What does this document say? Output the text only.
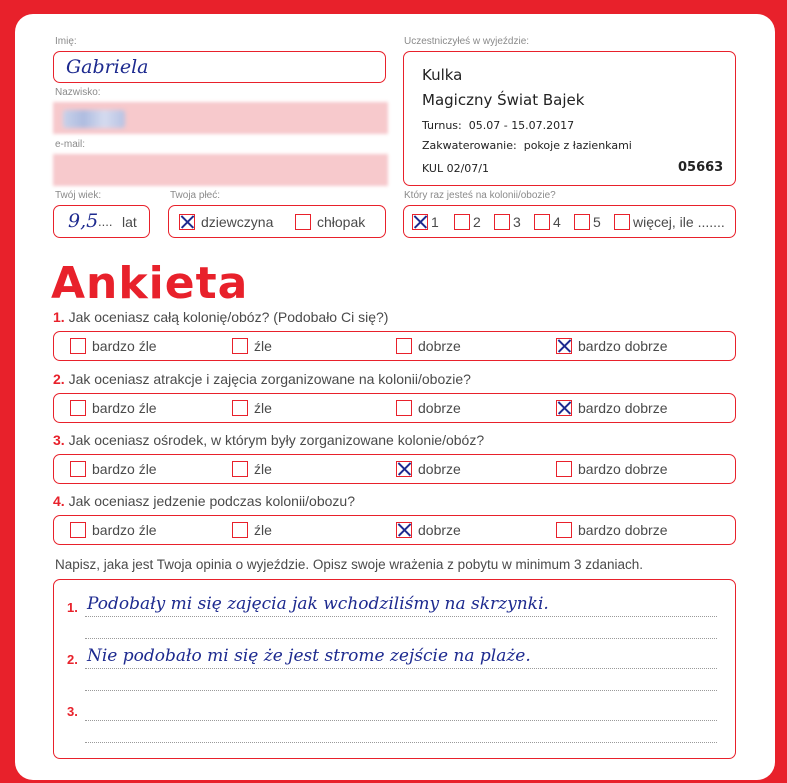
Imię:
Gabriela
Nazwisko:
e-mail:
Twój wiek:
9,5 .... lat
Twoja płeć:
dziewczyna	chłopak
Uczestniczyłeś w wyjeździe:
Kulka
Magiczny Świat Bajek
Turnus: 05.07 - 15.07.2017
Zakwaterowanie: pokoje z łazienkami
KUL 02/07/1	05663
Który raz jesteś na kolonii/obozie?
1 2 3 4 5 więcej, ile .......
Ankieta
1. Jak oceniasz całą kolonię/obóz? (Podobało Ci się?)
bardzo źle	źle	dobrze	bardzo dobrze
2. Jak oceniasz atrakcje i zajęcia zorganizowane na kolonii/obozie?
bardzo źle	źle	dobrze	bardzo dobrze
3. Jak oceniasz ośrodek, w którym były zorganizowane kolonie/obóz?
bardzo źle	źle	dobrze	bardzo dobrze
4. Jak oceniasz jedzenie podczas kolonii/obozu?
bardzo źle	źle	dobrze	bardzo dobrze
Napisz, jaka jest Twoja opinia o wyjeździe. Opisz swoje wrażenia z pobytu w minimum 3 zdaniach.
1. Podobały mi się zajęcia jak wchodziliśmy na skrzynki.
2. Nie podobało mi się że jest strome zejście na plaże.
3.
